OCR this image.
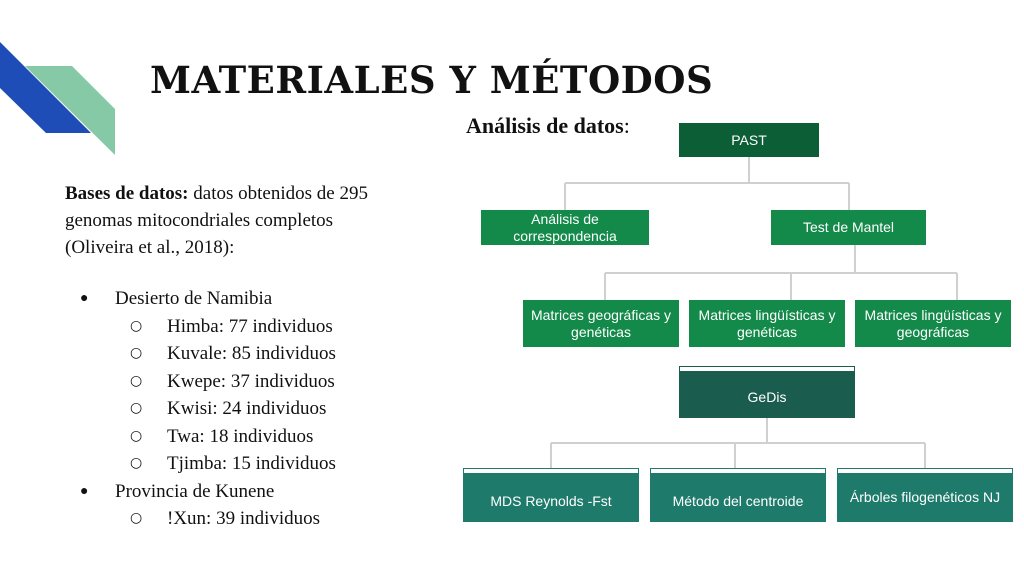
MATERIALES Y MÉTODOS
Análisis de datos:
Bases de datos: datos obtenidos de 295 genomas mitocondriales completos (Oliveira et al., 2018):
● Desierto de Namibia
○ Himba: 77 individuos
○ Kuvale: 85 individuos
○ Kwepe: 37 individuos
○ Kwisi: 24 individuos
○ Twa: 18 individuos
○ Tjimba: 15 individuos
● Provincia de Kunene
○ !Xun: 39 individuos
PAST
Análisis de correspondencia
Test de Mantel
Matrices geográficas y genéticas
Matrices lingüísticas y genéticas
Matrices lingüísticas y geográficas
GeDis
MDS Reynolds -Fst	Método del centroide	Árboles filogenéticos NJ
